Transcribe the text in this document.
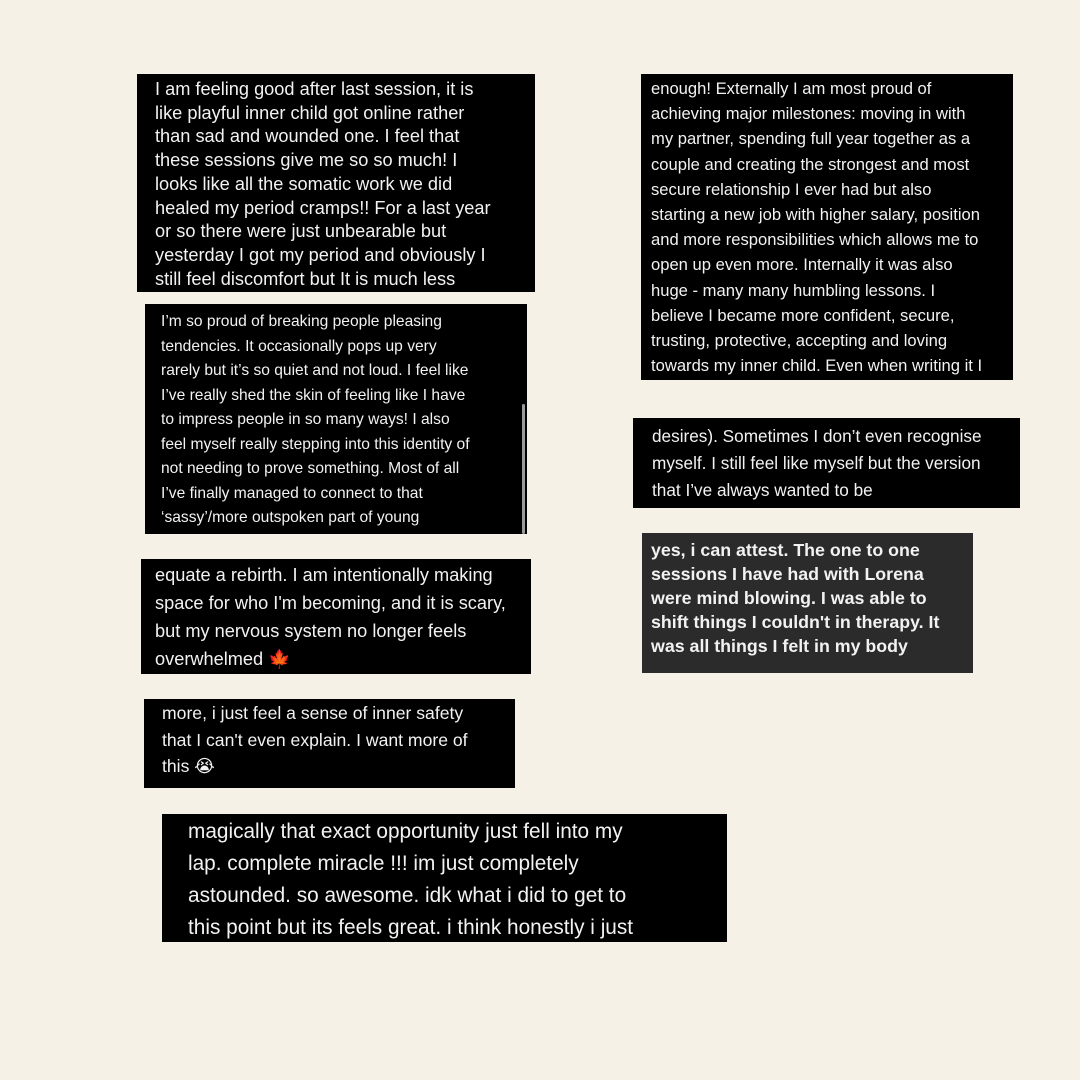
I am feeling good after last session, it is
like playful inner child got online rather
than sad and wounded one. I feel that
these sessions give me so so much! I
looks like all the somatic work we did
healed my period cramps!! For a last year
or so there were just unbearable but
yesterday I got my period and obviously I
still feel discomfort but It is much less
I’m so proud of breaking people pleasing
tendencies. It occasionally pops up very
rarely but it’s so quiet and not loud. I feel like
I’ve really shed the skin of feeling like I have
to impress people in so many ways! I also
feel myself really stepping into this identity of
not needing to prove something. Most of all
I’ve finally managed to connect to that
‘sassy’/more outspoken part of young
equate a rebirth. I am intentionally making
space for who I'm becoming, and it is scary,
but my nervous system no longer feels
overwhelmed 🍁
more, i just feel a sense of inner safety
that I can't even explain. I want more of
this 😭
magically that exact opportunity just fell into my
lap. complete miracle !!! im just completely
astounded. so awesome. idk what i did to get to
this point but its feels great. i think honestly i just
enough! Externally I am most proud of
achieving major milestones: moving in with
my partner, spending full year together as a
couple and creating the strongest and most
secure relationship I ever had but also
starting a new job with higher salary, position
and more responsibilities which allows me to
open up even more. Internally it was also
huge - many many humbling lessons. I
believe I became more confident, secure,
trusting, protective, accepting and loving
towards my inner child. Even when writing it I
desires). Sometimes I don’t even recognise
myself. I still feel like myself but the version
that I’ve always wanted to be
yes, i can attest. The one to one
sessions I have had with Lorena
were mind blowing. I was able to
shift things I couldn't in therapy. It
was all things I felt in my body
